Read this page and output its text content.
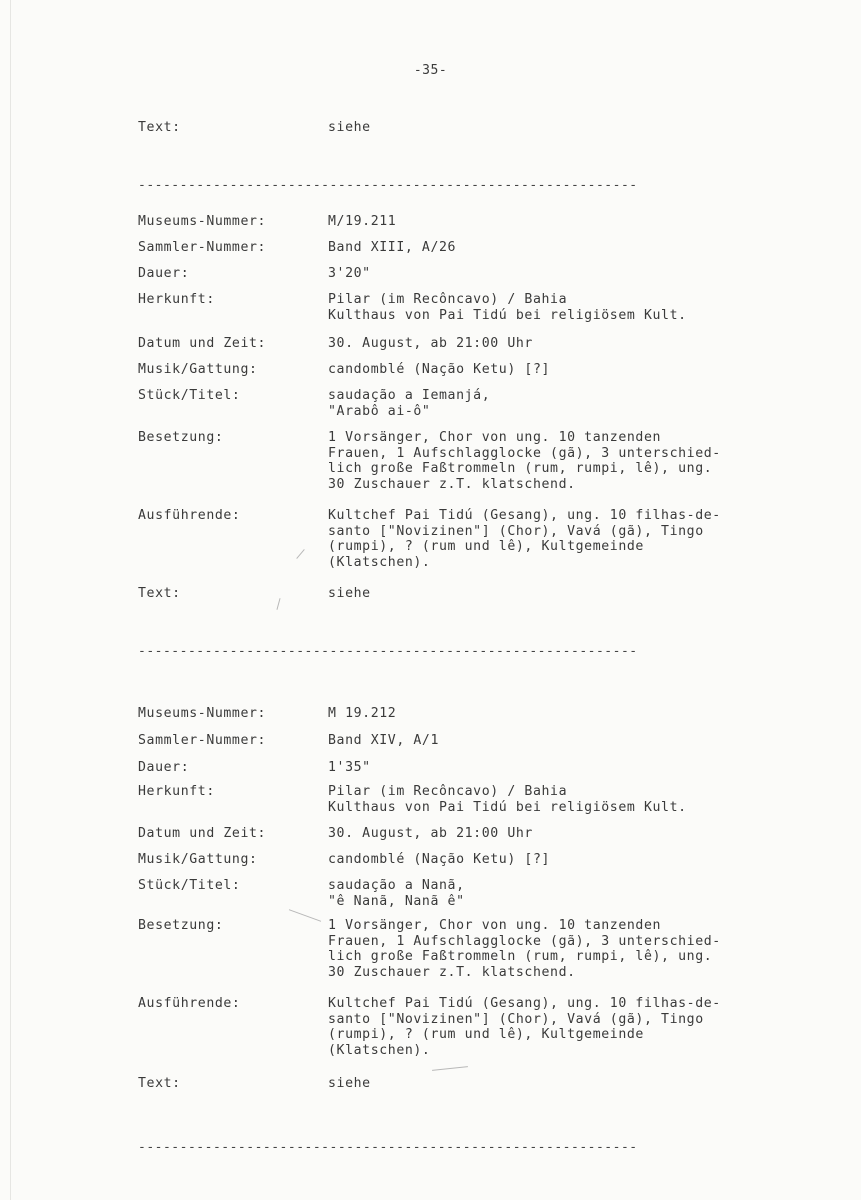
-35-
Text:	siehe
------------------------------------------------------------
Museums-Nummer:	M/19.211
Sammler-Nummer:	Band XIII, A/26
Dauer:	3'20"
Herkunft:	Pilar (im Recôncavo) / Bahia
Kulthaus von Pai Tidú bei religiösem Kult.
Datum und Zeit:	30. August, ab 21:00 Uhr
Musik/Gattung:	candomblé (Nação Ketu) [?]
Stück/Titel:	saudação a Iemanjá,
"Arabô ai-ô"
Besetzung:	1 Vorsänger, Chor von ung. 10 tanzenden
Frauen, 1 Aufschlagglocke (gã), 3 unterschied-
lich große Faßtrommeln (rum, rumpi, lê), ung.
30 Zuschauer z.T. klatschend.
Ausführende:	Kultchef Pai Tidú (Gesang), ung. 10 filhas-de-
santo ["Novizinen"] (Chor), Vavá (gã), Tingo
(rumpi), ? (rum und lê), Kultgemeinde
(Klatschen).
Text:	siehe
------------------------------------------------------------
Museums-Nummer:	M 19.212
Sammler-Nummer:	Band XIV, A/1
Dauer:	1'35"
Herkunft:	Pilar (im Recôncavo) / Bahia
Kulthaus von Pai Tidú bei religiösem Kult.
Datum und Zeit:	30. August, ab 21:00 Uhr
Musik/Gattung:	candomblé (Nação Ketu) [?]
Stück/Titel:	saudação a Nanã,
"ê Nanã, Nanã ê"
Besetzung:	1 Vorsänger, Chor von ung. 10 tanzenden
Frauen, 1 Aufschlagglocke (gã), 3 unterschied-
lich große Faßtrommeln (rum, rumpi, lê), ung.
30 Zuschauer z.T. klatschend.
Ausführende:	Kultchef Pai Tidú (Gesang), ung. 10 filhas-de-
santo ["Novizinen"] (Chor), Vavá (gã), Tingo
(rumpi), ? (rum und lê), Kultgemeinde
(Klatschen).
Text:	siehe
------------------------------------------------------------
